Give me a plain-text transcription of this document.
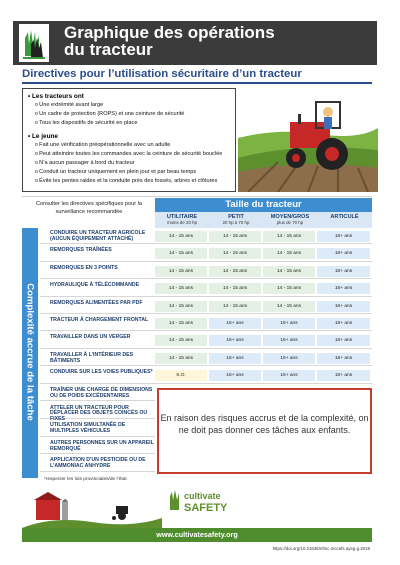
Graphique des opérations
du tracteur
Directives pour l’utilisation sécuritaire d’un tracteur
• Les tracteurs ont
o Une extrémité avant large
o Un cadre de protection (ROPS) et une ceinture de sécurité
o Tous les dispositifs de sécurité en place
• Le jeune
o Fait une vérification préopérationnelle avec un adulte
o Peut atteindre toutes les commandes avec la ceinture de sécurité bouclée
o N’a aucun passager à bord du tracteur
o Conduit un tracteur uniquement en plein jour et par beau temps
o Évite les pentes raides et la conduite près des fossés, arbres et clôtures
Consulter les directives spécifiques pour la surveillance recommandée
Taille du tracteur
UTILITAIRE
moins de 20 hp
PETIT
20 hp à 70 hp
MOYEN/GROS
plus de 70 hp
ARTICULÉ
Complexité accrue de la tâche
CONDUIRE UN TRACTEUR AGRICOLE (AUCUN ÉQUIPEMENT ATTACHÉ)	14 - 15 ans	14 - 15 ans	14 - 15 ans	16+ ans
REMORQUES TRAÎNÉES
14 - 15 ans	14 - 15 ans	14 - 15 ans	16+ ans
REMORQUES EN 3 POINTS
14 - 15 ans	14 - 15 ans	14 - 15 ans	16+ ans
HYDRAULIQUE À TÉLÉCOMMANDE
14 - 15 ans	14 - 15 ans	14 - 15 ans	16+ ans
REMORQUES ALIMENTÉES PAR PDF
14 - 15 ans	14 - 15 ans	14 - 15 ans	16+ ans
TRACTEUR À CHARGEMENT FRONTAL
14 - 15 ans	16+ ans	16+ ans	16+ ans
TRAVAILLER DANS UN VERGER
14 - 15 ans	16+ ans	16+ ans	16+ ans
TRAVAILLER À L’INTÉRIEUR DES BÂTIMENTS	14 - 15 ans	16+ ans	16+ ans	16+ ans
CONDUIRE SUR LES VOIES PUBLIQUES*
S.O.	16+ ans	16+ ans	16+ ans
TRAÎNER UNE CHARGE DE DIMENSIONS OU DE POIDS EXCÉDENTAIRES
ATTELER UN TRACTEUR POUR DÉPLACER DES OBJETS COINCÉS OU FIXES
UTILISATION SIMULTANÉE DE MULTIPLES VÉHICULES
AUTRES PERSONNES SUR UN APPAREIL REMORQUÉ
APPLICATION D’UN PESTICIDE OU DE L’AMMONIAC ANHYDRE

En raison des risques accrus et de la complexité, on ne doit pas donner ces tâches aux enfants.

*respecter les lois provinciales/de l’état
cultivate
SAFETY
www.cultivatesafety.org
https://doi.org/10.21636/nfmc.mccafs.ayeg.g.2019
